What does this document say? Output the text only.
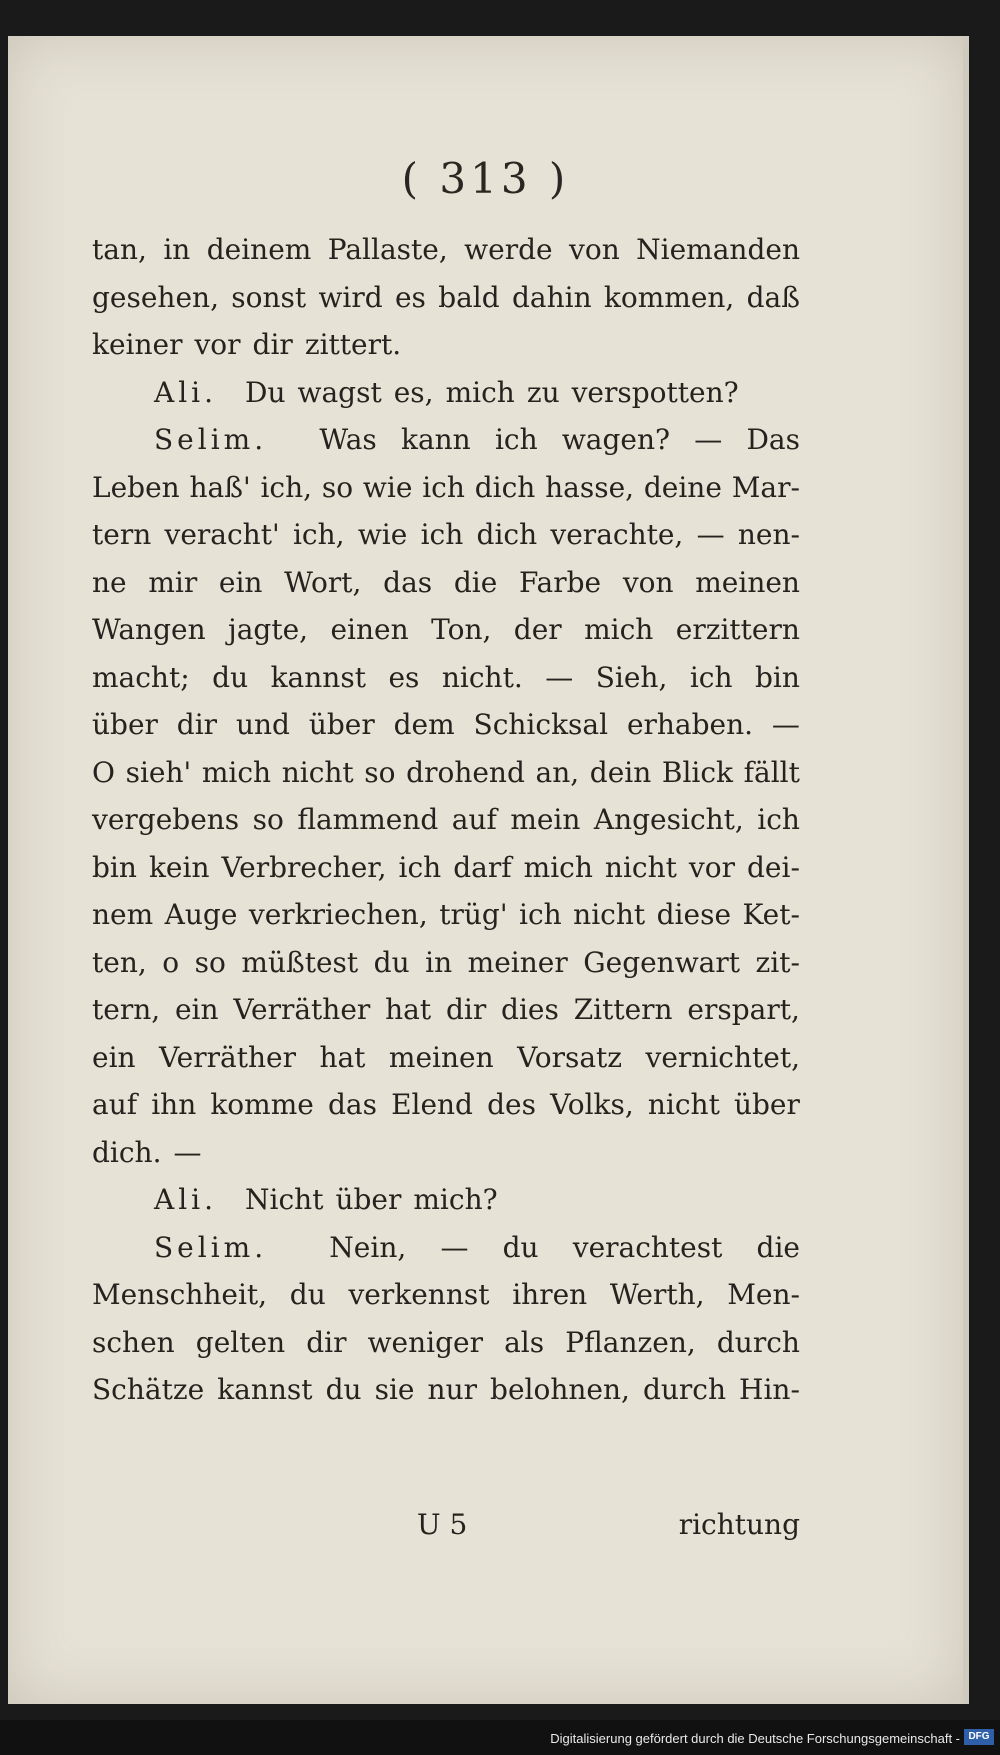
( 313 )
tan, in deinem Pallaste, werde von Niemanden
gesehen, sonst wird es bald dahin kommen, daß
keiner vor dir zittert.
Ali. Du wagst es, mich zu verspotten?
Selim. Was kann ich wagen? — Das
Leben haß' ich, so wie ich dich hasse, deine Mar-
tern veracht' ich, wie ich dich verachte, — nen-
ne mir ein Wort, das die Farbe von meinen
Wangen jagte, einen Ton, der mich erzittern
macht; du kannst es nicht. — Sieh, ich bin
über dir und über dem Schicksal erhaben. —
O sieh' mich nicht so drohend an, dein Blick fällt
vergebens so flammend auf mein Angesicht, ich
bin kein Verbrecher, ich darf mich nicht vor dei-
nem Auge verkriechen, trüg' ich nicht diese Ket-
ten, o so müßtest du in meiner Gegenwart zit-
tern, ein Verräther hat dir dies Zittern erspart,
ein Verräther hat meinen Vorsatz vernichtet,
auf ihn komme das Elend des Volks, nicht über
dich. —
Ali. Nicht über mich?
Selim. Nein, — du verachtest die
Menschheit, du verkennst ihren Werth, Men-
schen gelten dir weniger als Pflanzen, durch
Schätze kannst du sie nur belohnen, durch Hin-
U 5	richtung
Digitalisierung gefördert durch die Deutsche Forschungsgemeinschaft - DFG
